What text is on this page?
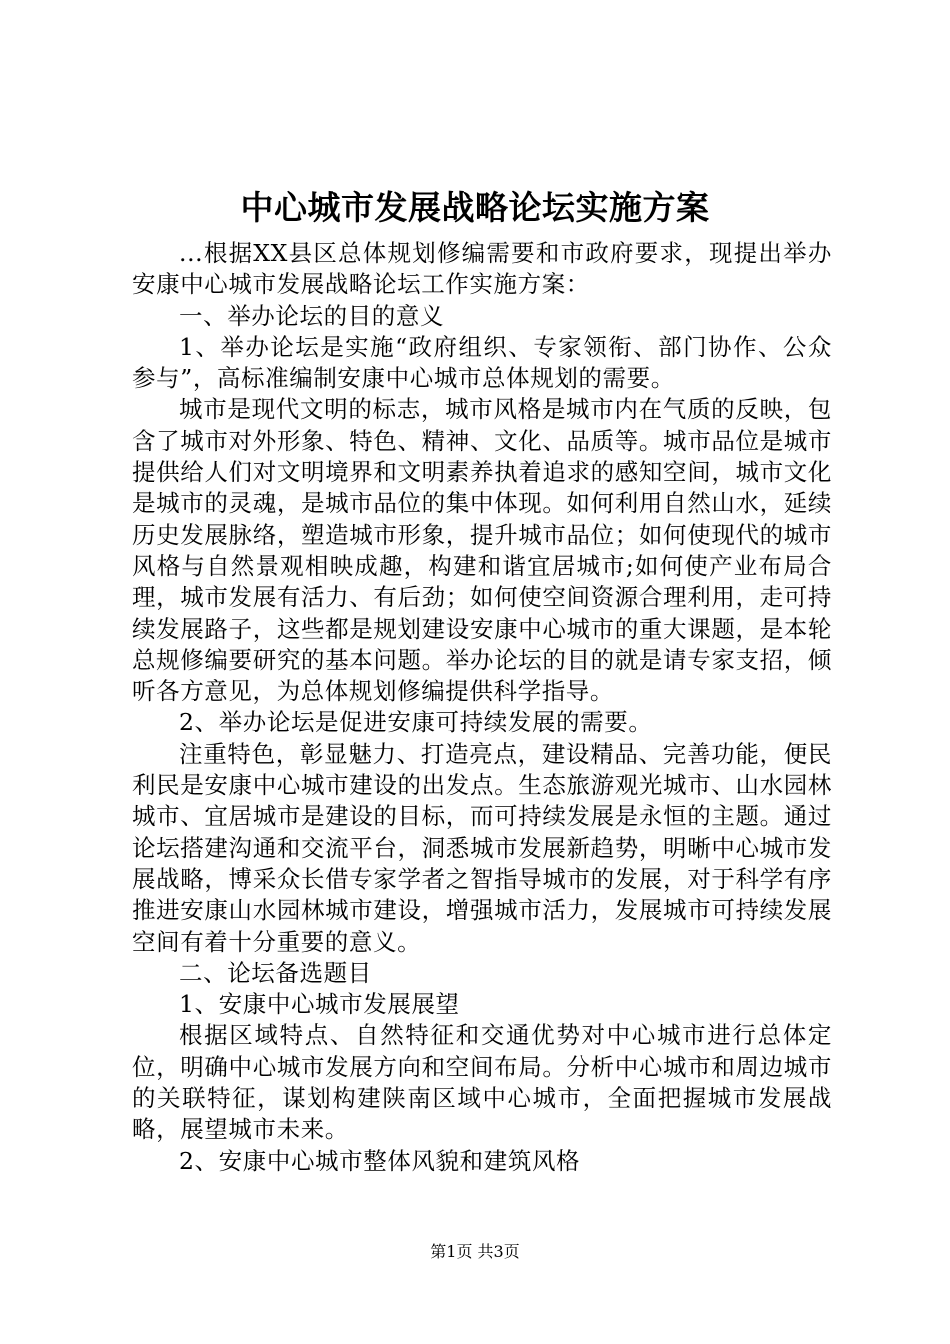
中心城市发展战略论坛实施方案

...根据XX县区总体规划修编需要和市政府要求，现提出举办安康中心城市发展战略论坛工作实施方案：

一、举办论坛的目的意义

1、举办论坛是实施“政府组织、专家领衔、部门协作、公众参与”，高标准编制安康中心城市总体规划的需要。

城市是现代文明的标志，城市风格是城市内在气质的反映，包含了城市对外形象、特色、精神、文化、品质等。城市品位是城市提供给人们对文明境界和文明素养执着追求的感知空间，城市文化是城市的灵魂，是城市品位的集中体现。如何利用自然山水，延续历史发展脉络，塑造城市形象，提升城市品位；如何使现代的城市风格与自然景观相映成趣，构建和谐宜居城市;如何使产业布局合理，城市发展有活力、有后劲；如何使空间资源合理利用，走可持续发展路子，这些都是规划建设安康中心城市的重大课题，是本轮总规修编要研究的基本问题。举办论坛的目的就是请专家支招，倾听各方意见，为总体规划修编提供科学指导。

2、举办论坛是促进安康可持续发展的需要。

注重特色，彰显魅力、打造亮点，建设精品、完善功能，便民利民是安康中心城市建设的出发点。生态旅游观光城市、山水园林城市、宜居城市是建设的目标，而可持续发展是永恒的主题。通过论坛搭建沟通和交流平台，洞悉城市发展新趋势，明晰中心城市发展战略，博采众长借专家学者之智指导城市的发展，对于科学有序推进安康山水园林城市建设，增强城市活力，发展城市可持续发展空间有着十分重要的意义。

二、论坛备选题目

1、安康中心城市发展展望

根据区域特点、自然特征和交通优势对中心城市进行总体定位，明确中心城市发展方向和空间布局。分析中心城市和周边城市的关联特征，谋划构建陕南区域中心城市，全面把握城市发展战略，展望城市未来。

2、安康中心城市整体风貌和建筑风格

第1页 共3页
